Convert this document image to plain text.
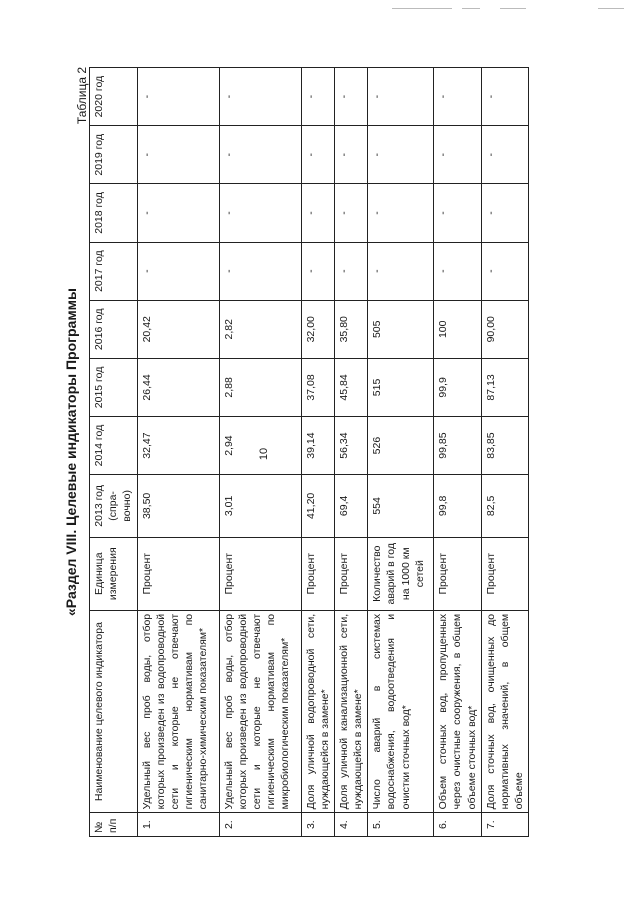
10
«Раздел VIII. Целевые индикаторы Программы
Таблица 2
№ п/п	Наименование целевого индикатора	Единица измерения	2013 год (спра-вочно)	2014 год	2015 год	2016 год	2017 год	2018 год	2019 год	2020 год
1.	Удельный вес проб воды, отбор которых произведен из водопроводной сети и которые не отвечают гигиеническим нормативам по санитарно-химическим показателям*	Процент	38,50	32,47	26,44	20,42	-	-	-	-
2.	Удельный вес проб воды, отбор которых произведен из водопроводной сети и которые не отвечают гигиеническим нормативам по микробиологическим показателям*	Процент	3,01	2,94	2,88	2,82	-	-	-	-
3.	Доля уличной водопроводной сети, нуждающейся в замене*	Процент	41,20	39,14	37,08	32,00	-	-	-	-
4.	Доля уличной канализационной сети, нуждающейся в замене*	Процент	69,4	56,34	45,84	35,80	-	-	-	-
5.	Число аварий в системах водоснабжения, водоотведения и очистки сточных вод*	Количество аварий в год на 1000 км сетей	554	526	515	505	-	-	-	-
6.	Объем сточных вод, пропущенных через очистные сооружения, в общем объеме сточных вод*	Процент	99,8	99,85	99,9	100	-	-	-	-
7.	Доля сточных вод, очищенных до нормативных значений, в общем объеме	Процент	82,5	83,85	87,13	90,00	-	-	-	-
